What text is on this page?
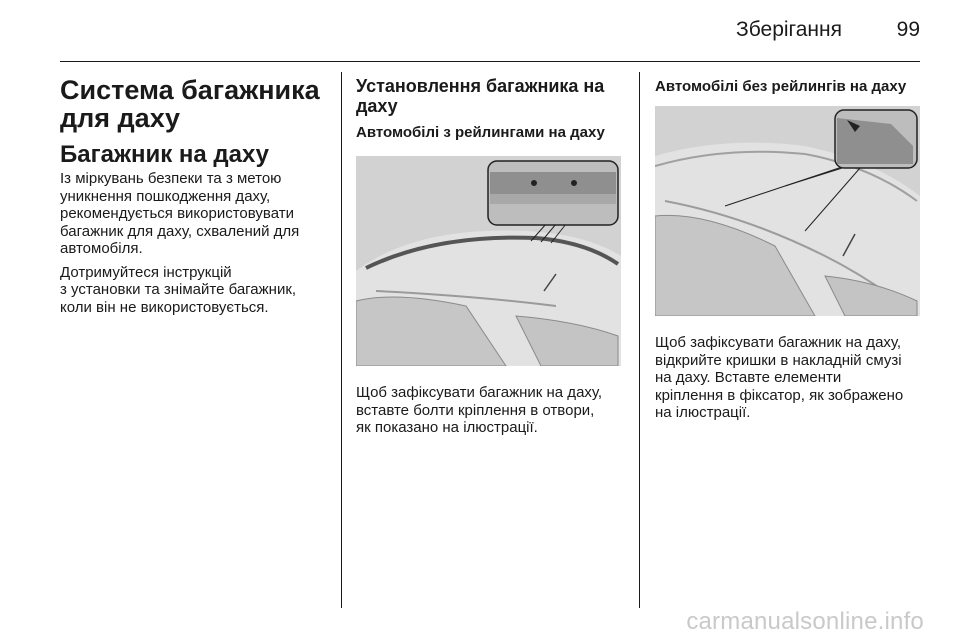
Зберігання	99
Система багажника
для даху
Багажник на даху

Із міркувань безпеки та з метою
уникнення пошкодження даху,
рекомендується використовувати
багажник для даху, схвалений для
автомобіля.

Дотримуйтеся інструкцій
з установки та знімайте багажник,
коли він не використовується.

Установлення багажника на
даху
Автомобілі з рейлингами на даху

Щоб зафіксувати багажник на даху,
вставте болти кріплення в отвори,
як показано на ілюстрації.

Автомобілі без рейлингів на даху

Щоб зафіксувати багажник на даху,
відкрийте кришки в накладній смузі
на даху. Вставте елементи
кріплення в фіксатор, як зображено
на ілюстрації.

carmanualsonline.info
